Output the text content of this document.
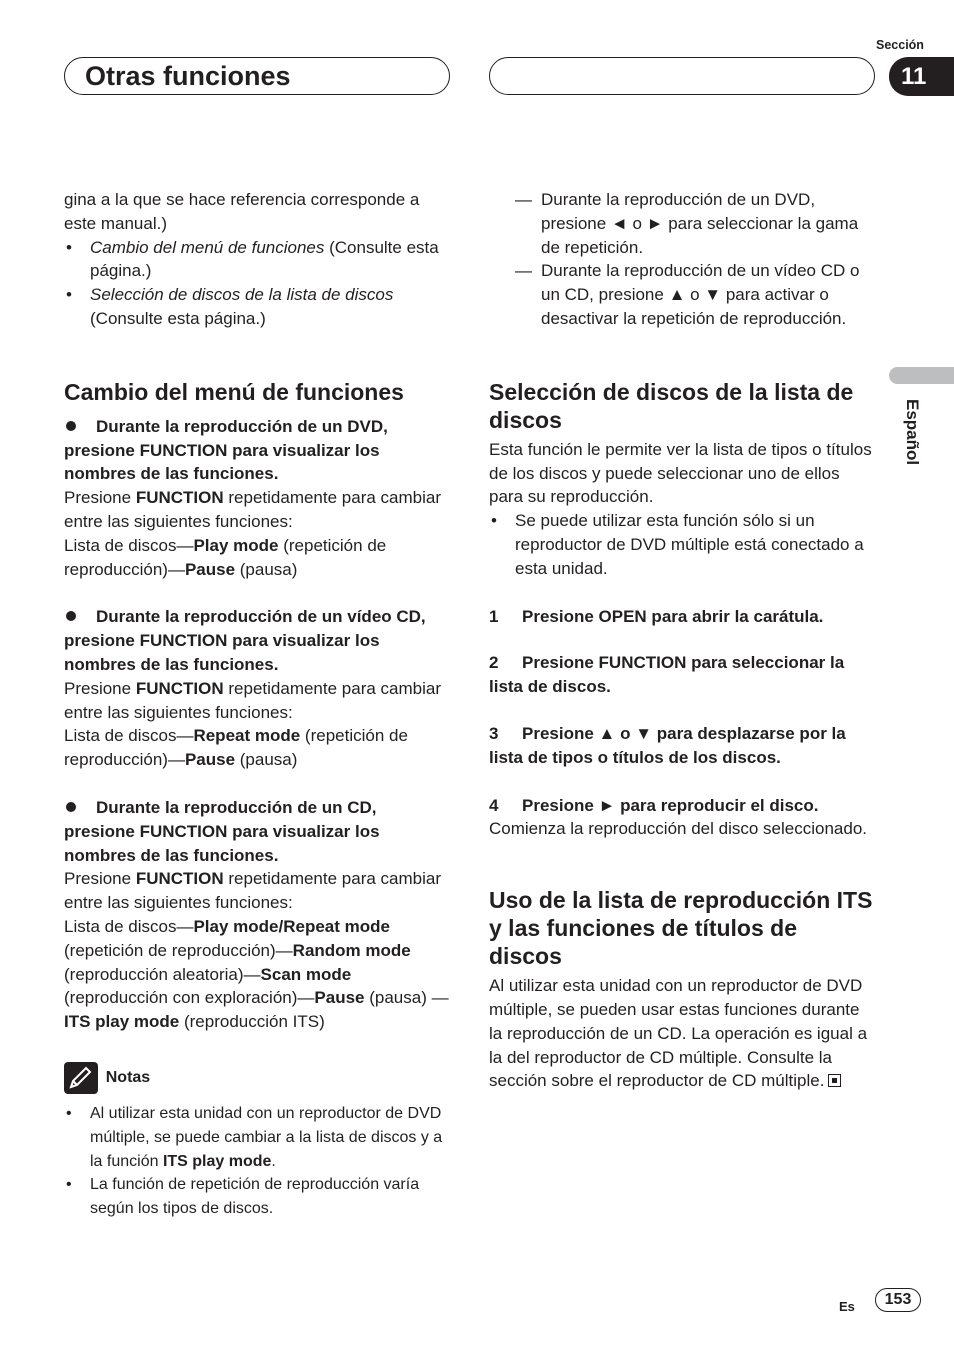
Otras funciones
Sección
11
Español

gina a la que se hace referencia corresponde a este manual.)

• Cambio del menú de funciones (Consulte esta página.)

• Selección de discos de la lista de discos (Consulte esta página.)

Cambio del menú de funciones

Durante la reproducción de un DVD, presione FUNCTION para visualizar los nombres de las funciones.

Presione FUNCTION repetidamente para cambiar entre las siguientes funciones:

Lista de discos—Play mode (repetición de reproducción)—Pause (pausa)

Durante la reproducción de un vídeo CD, presione FUNCTION para visualizar los nombres de las funciones.

Presione FUNCTION repetidamente para cambiar entre las siguientes funciones:

Lista de discos—Repeat mode (repetición de reproducción)—Pause (pausa)

Durante la reproducción de un CD, presione FUNCTION para visualizar los nombres de las funciones.

Presione FUNCTION repetidamente para cambiar entre las siguientes funciones:

Lista de discos—Play mode/Repeat mode (repetición de reproducción)—Random mode (reproducción aleatoria)—Scan mode (reproducción con exploración)—Pause (pausa) —ITS play mode (reproducción ITS)

Notas

• Al utilizar esta unidad con un reproductor de DVD múltiple, se puede cambiar a la lista de discos y a la función ITS play mode.

• La función de repetición de reproducción varía según los tipos de discos.

— Durante la reproducción de un DVD, presione ◄ o ► para seleccionar la gama de repetición.

— Durante la reproducción de un vídeo CD o un CD, presione ▲ o ▼ para activar o desactivar la repetición de reproducción.

Selección de discos de la lista de discos

Esta función le permite ver la lista de tipos o títulos de los discos y puede seleccionar uno de ellos para su reproducción.

• Se puede utilizar esta función sólo si un reproductor de DVD múltiple está conectado a esta unidad.

1 Presione OPEN para abrir la carátula.

2 Presione FUNCTION para seleccionar la lista de discos.

3 Presione ▲ o ▼ para desplazarse por la lista de tipos o títulos de los discos.

4 Presione ► para reproducir el disco.

Comienza la reproducción del disco seleccionado.

Uso de la lista de reproducción ITS y las funciones de títulos de discos

Al utilizar esta unidad con un reproductor de DVD múltiple, se pueden usar estas funciones durante la reproducción de un CD. La operación es igual a la del reproductor de CD múltiple. Consulte la sección sobre el reproductor de CD múltiple.

Es	153
